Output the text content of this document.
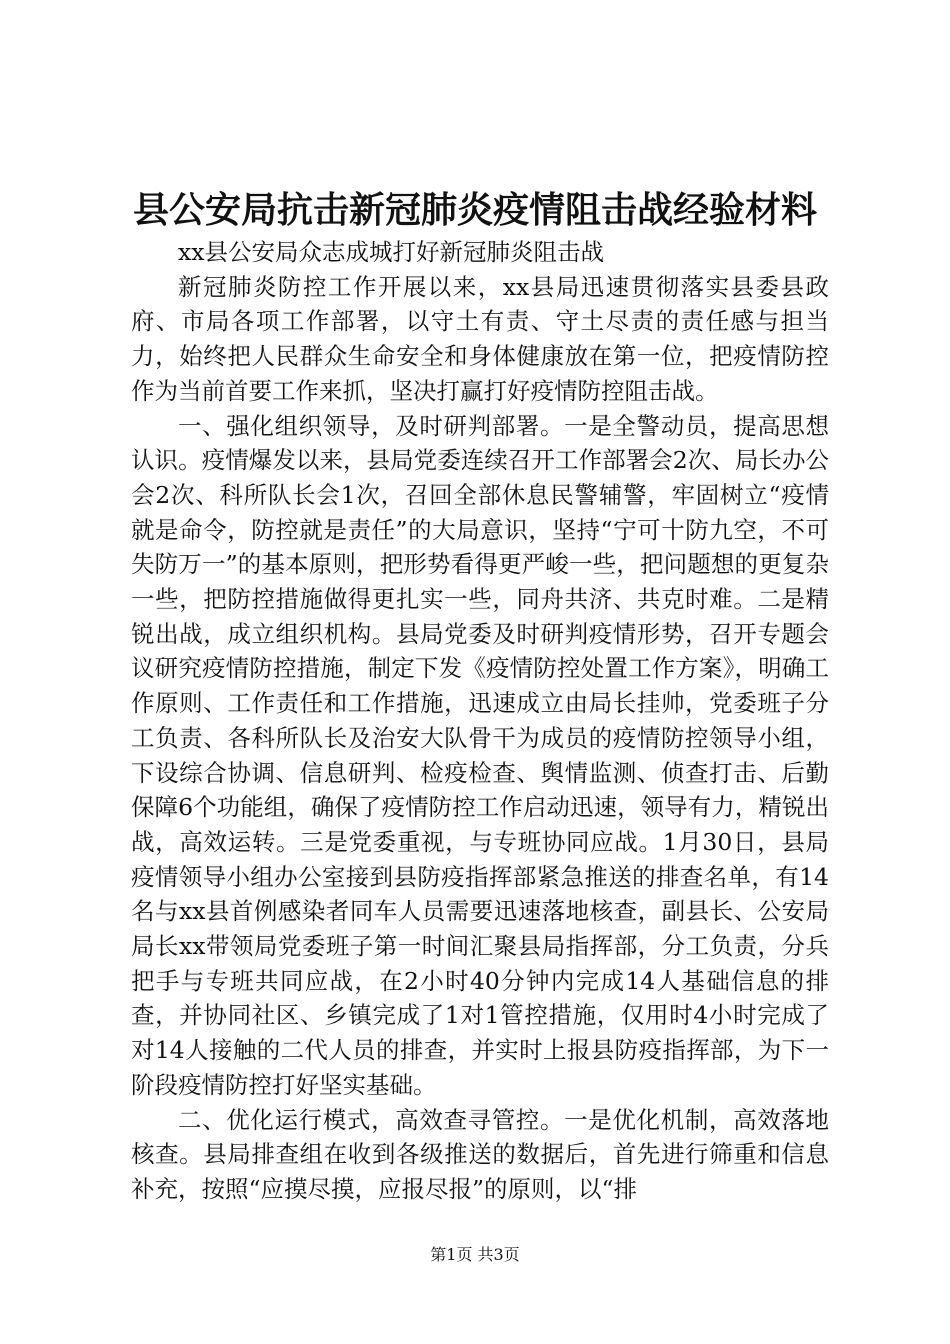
县公安局抗击新冠肺炎疫情阻击战经验材料

xx县公安局众志成城打好新冠肺炎阻击战

新冠肺炎防控工作开展以来，xx县局迅速贯彻落实县委县政府、市局各项工作部署，以守土有责、守土尽责的责任感与担当力，始终把人民群众生命安全和身体健康放在第一位，把疫情防控作为当前首要工作来抓，坚决打赢打好疫情防控阻击战。

一、强化组织领导，及时研判部署。一是全警动员，提高思想认识。疫情爆发以来，县局党委连续召开工作部署会2次、局长办公会2次、科所队长会1次，召回全部休息民警辅警，牢固树立“疫情就是命令，防控就是责任”的大局意识，坚持“宁可十防九空，不可失防万一”的基本原则，把形势看得更严峻一些，把问题想的更复杂一些，把防控措施做得更扎实一些，同舟共济、共克时难。二是精锐出战，成立组织机构。县局党委及时研判疫情形势，召开专题会议研究疫情防控措施，制定下发《疫情防控处置工作方案》，明确工作原则、工作责任和工作措施，迅速成立由局长挂帅，党委班子分工负责、各科所队长及治安大队骨干为成员的疫情防控领导小组，下设综合协调、信息研判、检疫检查、舆情监测、侦查打击、后勤保障6个功能组，确保了疫情防控工作启动迅速，领导有力，精锐出战，高效运转。三是党委重视，与专班协同应战。1月30日，县局疫情领导小组办公室接到县防疫指挥部紧急推送的排查名单，有14名与xx县首例感染者同车人员需要迅速落地核查，副县长、公安局局长xx带领局党委班子第一时间汇聚县局指挥部，分工负责，分兵把手与专班共同应战，在2小时40分钟内完成14人基础信息的排查，并协同社区、乡镇完成了1对1管控措施，仅用时4小时完成了对14人接触的二代人员的排查，并实时上报县防疫指挥部，为下一阶段疫情防控打好坚实基础。

二、优化运行模式，高效查寻管控。一是优化机制，高效落地核查。县局排查组在收到各级推送的数据后，首先进行筛重和信息补充，按照“应摸尽摸，应报尽报”的原则，以“排

第1页 共3页
